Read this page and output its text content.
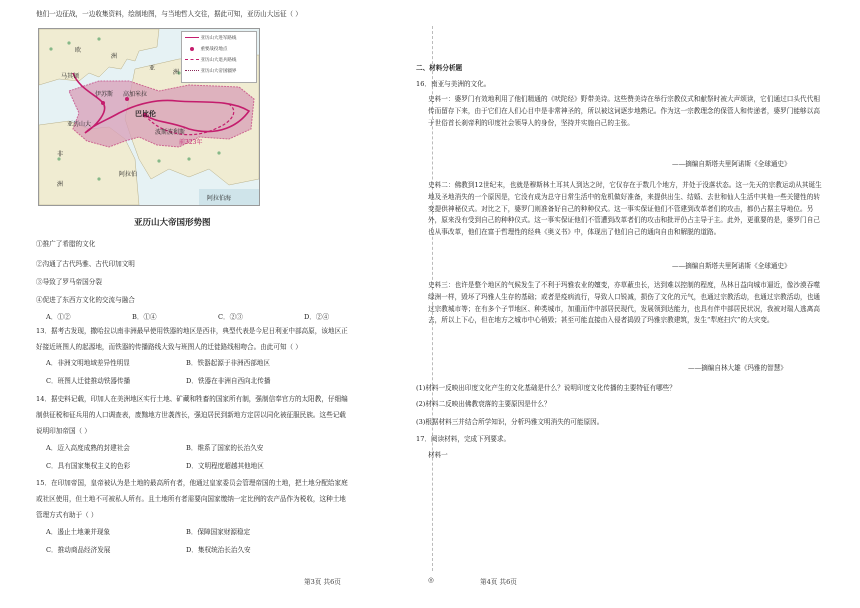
他们一边征战，一边收集资料，绘制地图，与当地哲人交往，据此可知，亚历山大远征（ ）
亚历山大进军路线
重要战役地点
亚历山大退兵路线
亚历山大帝国疆界
欧
洲
马其顿
亚
洲
伊苏斯 高加米拉
亚历山大
巴比伦
波斯波利斯
前323年
非
洲
阿拉伯
阿拉伯海
亚历山大帝国形势图
①推广了希腊的文化
②沟通了古代玛雅、古代印加文明
③导致了罗马帝国分裂
④促进了东西方文化的交流与融合
A．①②	B．①④	C．②③	D．②④
13．据考古发现，撒哈拉以南非洲最早使用铁器的地区是西非，典型代表是今尼日利亚中部高原，该地区正
好接近班图人的起源地，而铁器的传播路线大致与班图人的迁徙路线相吻合。由此可知（ ）
A．非洲文明地域差异性明显	B．铁器起源于非洲西部地区
C．班图人迁徙推动铁器传播	D．铁器在非洲自西向北传播
14．据史料记载，印加人在美洲地区实行土地、矿藏和牲畜的国家所有制，强制信奉官方的太阳教，仔细编
制供征税和征兵用的人口调查表，废黜地方世袭酋长，强迫居民到新地方定居以同化被征服民族。这些记载
说明印加帝国（ ）
A．迈入高度成熟的封建社会	B．维系了国家的长治久安
C．具有国家集权主义的色彩	D．文明程度超越其他地区
15．在印加帝国，皇帝被认为是土地的最高所有者，他通过皇家委员会管理帝国的土地，把土地分配给家庭
或社区使用，但土地不可被私人所有。且土地所有者需要向国家缴纳一定比例的农产品作为税收，这种土地
管理方式有助于（ ）
A．遏止土地兼并现象	B．保障国家财源稳定
C．推动商品经济发展	D．集权统治长治久安
二、材料分析题
16．南亚与美洲的文化。
史料一：婆罗门有效地利用了他们精通的《吠陀经》野带美诗。这些赞美诗在举行宗教仪式和献祭时被大声颂读，它们通过口头代代相传而留存下来，由于它们在人们心目中是非常神圣的，所以被这词逐步地熟记。作为这一宗教理念的保管人和传递者，婆罗门能够以高于世俗首长刹帝利的印度社会领导人的身份，坚持并实施自己的主张。
——摘编自斯塔夫里阿诺斯《全球通史》
史料二：佛教到12世纪末，也就是穆斯林土耳其人到达之时，它仅存在于数几个地方，并处于没落状态。这一先天的宗教运动从其诞生地及圣地消失的一个原因是，它没有成为总守日常生活中的危机做好准备，来提供出生、结婚、去世和仙人生活中其他一些关键性的转变提供神秘仪式。对比之下，婆罗门则准备好自己的种种仪式。这一事实保证他们不管建到改革者们的攻击，都仍占据主导地位。另外，原来没有受到自己的种种仪式。这一事实保证他们不管遭到改革者们的攻击和批评仍占主导于主。此外，更重要的是，婆罗门自己也从事改革，他们在富于哲理性的经典《奥义书》中，体现出了他们自己的通向自由和解脱的道路。
——摘编自斯塔夫里阿诺斯《全球通史》
史料三：也许是整个地区的气候发生了不利于玛雅农业的嬗变，亦草蔽虫长，达到难以控制的程度，丛林日益向城市逼近，像沙漠吞噬绿洲一样，毁坏了玛雅人生存的基础；或者是疫病流行，导致人口锐减，损伤了文化的元气，也通过宗教活动，也通过宗教活动，也通过宗教城市等；在有多个子节地区、种类城市，加重而伴中部居民现代，发展领到达能力，也具有伴中部居民状况，我被对瑞人逃离高去，所以上下心，但在地方之城市中心销毁；甚至可能直接由入侵者捣毁了玛雅宗教建筑，发生“犁庭扫穴”的大灾变。
——摘编自林大雄《玛雅的智慧》
(1)材料一反映出印度文化产生的文化基础是什么？说明印度文化传播的主要特征有哪些？
(2)材料二反映出佛教衰落的主要原因是什么？
(3)根据材料三并结合所学知识，分析玛雅文明消失的可能原因。
17．阅读材料，完成下列要求。
材料一
第3页 共6页	◎	第4页 共6页
